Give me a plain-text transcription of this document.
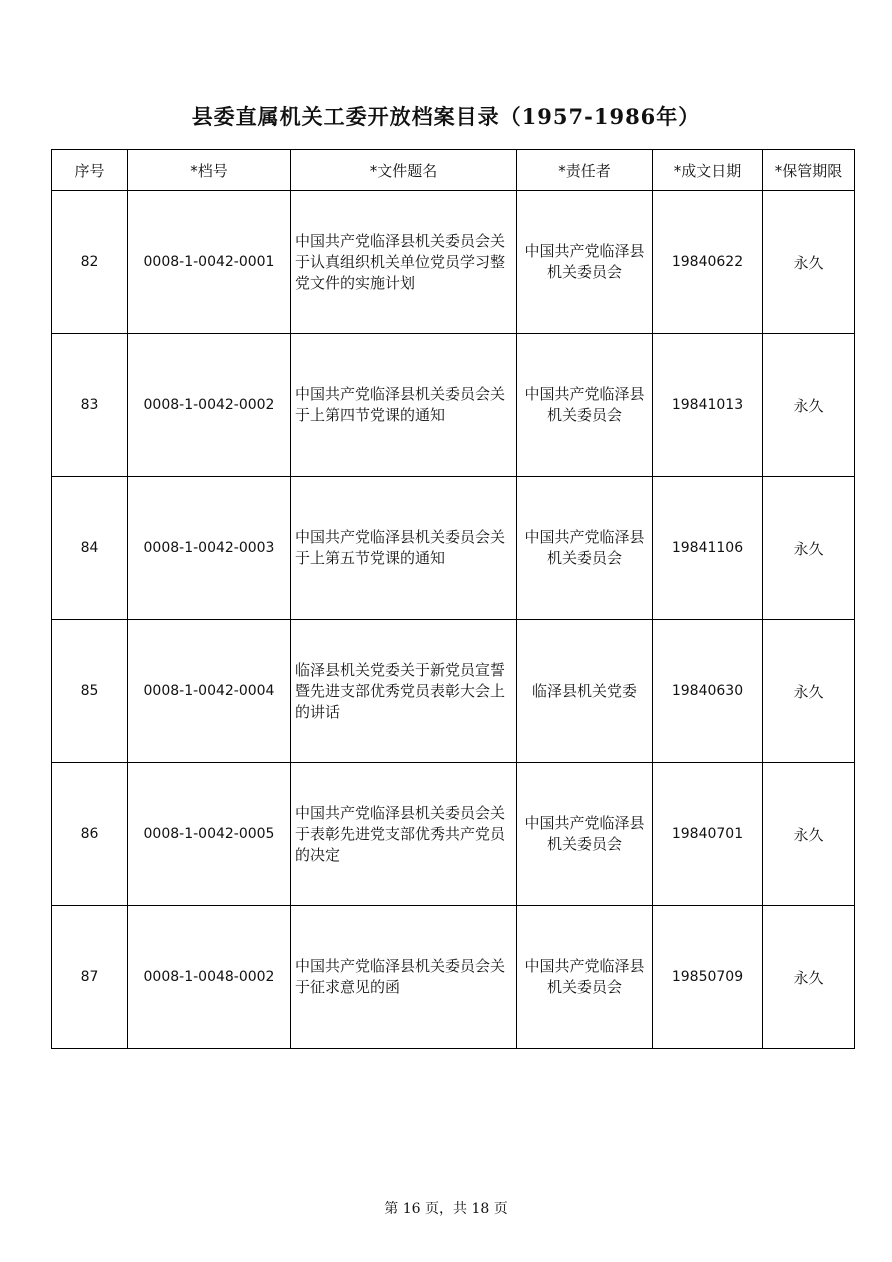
县委直属机关工委开放档案目录（1957-1986年）
序号	*档号	*文件题名	*责任者	*成文日期	*保管期限
82	0008-1-0042-0001	中国共产党临泽县机关委员会关于认真组织机关单位党员学习整党文件的实施计划	中国共产党临泽县机关委员会	19840622	永久
83	0008-1-0042-0002	中国共产党临泽县机关委员会关于上第四节党课的通知	中国共产党临泽县机关委员会	19841013	永久
84	0008-1-0042-0003	中国共产党临泽县机关委员会关于上第五节党课的通知	中国共产党临泽县机关委员会	19841106	永久
85	0008-1-0042-0004	临泽县机关党委关于新党员宣誓暨先进支部优秀党员表彰大会上的讲话	临泽县机关党委	19840630	永久
86	0008-1-0042-0005	中国共产党临泽县机关委员会关于表彰先进党支部优秀共产党员的决定	中国共产党临泽县机关委员会	19840701	永久
87	0008-1-0048-0002	中国共产党临泽县机关委员会关于征求意见的函	中国共产党临泽县机关委员会	19850709	永久
第 16 页，共 18 页
